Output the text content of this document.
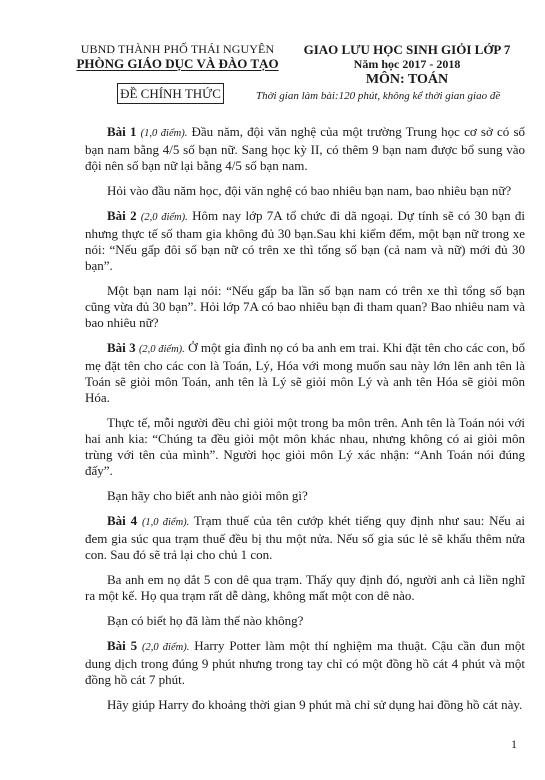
UBND THÀNH PHỐ THÁI NGUYÊN
PHÒNG GIÁO DỤC VÀ ĐÀO TẠO
ĐỀ CHÍNH THỨC
GIAO LƯU HỌC SINH GIỎI LỚP 7
Năm học 2017 - 2018
MÔN: TOÁN
Thời gian làm bài:120 phút, không kể thời gian giao đề

Bài 1 (1,0 điểm). Đầu năm, đội văn nghệ của một trường Trung học cơ sở có số bạn nam bằng 4/5 số bạn nữ. Sang học kỳ II, có thêm 9 bạn nam được bổ sung vào đội nên số bạn nữ lại bằng 4/5 số bạn nam.

Hỏi vào đầu năm học, đội văn nghệ có bao nhiêu bạn nam, bao nhiêu bạn nữ?

Bài 2 (2,0 điểm). Hôm nay lớp 7A tổ chức đi dã ngoại. Dự tính sẽ có 30 bạn đi nhưng thực tế số tham gia không đủ 30 bạn.Sau khi kiểm đếm, một bạn nữ trong xe nói: “Nếu gấp đôi số bạn nữ có trên xe thì tổng số bạn (cả nam và nữ) mới đủ 30 bạn”.

Một bạn nam lại nói: “Nếu gấp ba lần số bạn nam có trên xe thì tổng số bạn cũng vừa đủ 30 bạn”. Hỏi lớp 7A có bao nhiêu bạn đi tham quan? Bao nhiêu nam và bao nhiêu nữ?

Bài 3 (2,0 điểm). Ở một gia đình nọ có ba anh em trai. Khi đặt tên cho các con, bố mẹ đặt tên cho các con là Toán, Lý, Hóa với mong muốn sau này lớn lên anh tên là Toán sẽ giỏi môn Toán, anh tên là Lý sẽ giỏi môn Lý và anh tên Hóa sẽ giỏi môn Hóa.

Thực tế, mỗi người đều chỉ giỏi một trong ba môn trên. Anh tên là Toán nói với hai anh kia: “Chúng ta đều giỏi một môn khác nhau, nhưng không có ai giỏi môn trùng với tên của mình”. Người học giỏi môn Lý xác nhận: “Anh Toán nói đúng đấy”.

Bạn hãy cho biết anh nào giỏi môn gì?

Bài 4 (1,0 điểm). Trạm thuế của tên cướp khét tiếng quy định như sau: Nếu ai đem gia súc qua trạm thuế đều bị thu một nửa. Nếu số gia súc lẻ sẽ khấu thêm nửa con. Sau đó sẽ trả lại cho chủ 1 con.

Ba anh em nọ dắt 5 con dê qua trạm. Thấy quy định đó, người anh cả liền nghĩ ra một kế. Họ qua trạm rất dễ dàng, không mất một con dê nào.

Bạn có biết họ đã làm thế nào không?

Bài 5 (2,0 điểm). Harry Potter làm một thí nghiệm ma thuật. Cậu cần đun một dung dịch trong đúng 9 phút nhưng trong tay chỉ có một đồng hồ cát 4 phút và một đồng hồ cát 7 phút.

Hãy giúp Harry đo khoảng thời gian 9 phút mà chỉ sử dụng hai đồng hồ cát này.

1
